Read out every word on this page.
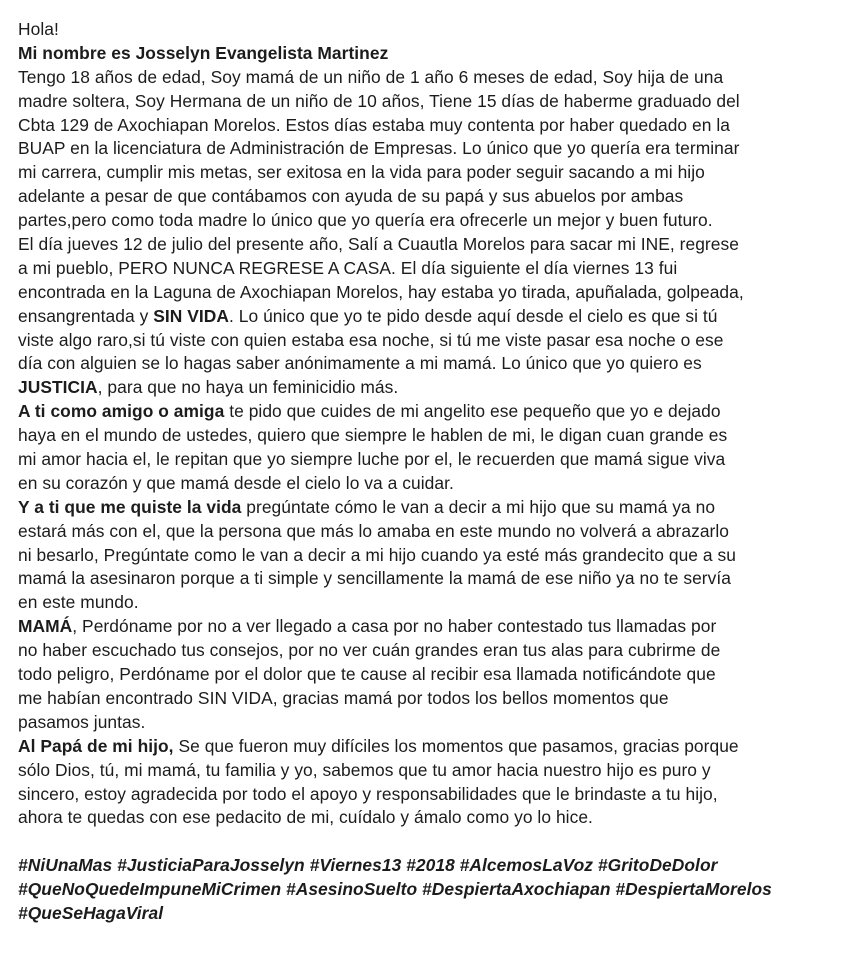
Hola!
Mi nombre es Josselyn Evangelista Martinez
Tengo 18 años de edad, Soy mamá de un niño de 1 año 6 meses de edad, Soy hija de una
madre soltera, Soy Hermana de un niño de 10 años, Tiene 15 días de haberme graduado del
Cbta 129 de Axochiapan Morelos. Estos días estaba muy contenta por haber quedado en la
BUAP en la licenciatura de Administración de Empresas. Lo único que yo quería era terminar
mi carrera, cumplir mis metas, ser exitosa en la vida para poder seguir sacando a mi hijo
adelante a pesar de que contábamos con ayuda de su papá y sus abuelos por ambas
partes,pero como toda madre lo único que yo quería era ofrecerle un mejor y buen futuro.
El día jueves 12 de julio del presente año, Salí a Cuautla Morelos para sacar mi INE, regrese
a mi pueblo, PERO NUNCA REGRESE A CASA. El día siguiente el día viernes 13 fui
encontrada en la Laguna de Axochiapan Morelos, hay estaba yo tirada, apuñalada, golpeada,
ensangrentada y SIN VIDA. Lo único que yo te pido desde aquí desde el cielo es que si tú
viste algo raro,si tú viste con quien estaba esa noche, si tú me viste pasar esa noche o ese
día con alguien se lo hagas saber anónimamente a mi mamá. Lo único que yo quiero es
JUSTICIA, para que no haya un feminicidio más.
A ti como amigo o amiga te pido que cuides de mi angelito ese pequeño que yo e dejado
haya en el mundo de ustedes, quiero que siempre le hablen de mi, le digan cuan grande es
mi amor hacia el, le repitan que yo siempre luche por el, le recuerden que mamá sigue viva
en su corazón y que mamá desde el cielo lo va a cuidar.
Y a ti que me quiste la vida pregúntate cómo le van a decir a mi hijo que su mamá ya no
estará más con el, que la persona que más lo amaba en este mundo no volverá a abrazarlo
ni besarlo, Pregúntate como le van a decir a mi hijo cuando ya esté más grandecito que a su
mamá la asesinaron porque a ti simple y sencillamente la mamá de ese niño ya no te servía
en este mundo.
MAMÁ, Perdóname por no a ver llegado a casa por no haber contestado tus llamadas por
no haber escuchado tus consejos, por no ver cuán grandes eran tus alas para cubrirme de
todo peligro, Perdóname por el dolor que te cause al recibir esa llamada notificándote que
me habían encontrado SIN VIDA, gracias mamá por todos los bellos momentos que
pasamos juntas.
Al Papá de mi hijo, Se que fueron muy difíciles los momentos que pasamos, gracias porque
sólo Dios, tú, mi mamá, tu familia y yo, sabemos que tu amor hacia nuestro hijo es puro y
sincero, estoy agradecida por todo el apoyo y responsabilidades que le brindaste a tu hijo,
ahora te quedas con ese pedacito de mi, cuídalo y ámalo como yo lo hice.
#NiUnaMas #JusticiaParaJosselyn #Viernes13 #2018 #AlcemosLaVoz #GritoDeDolor
#QueNoQuedeImpuneMiCrimen #AsesinoSuelto #DespiertaAxochiapan #DespiertaMorelos
#QueSeHagaViral
